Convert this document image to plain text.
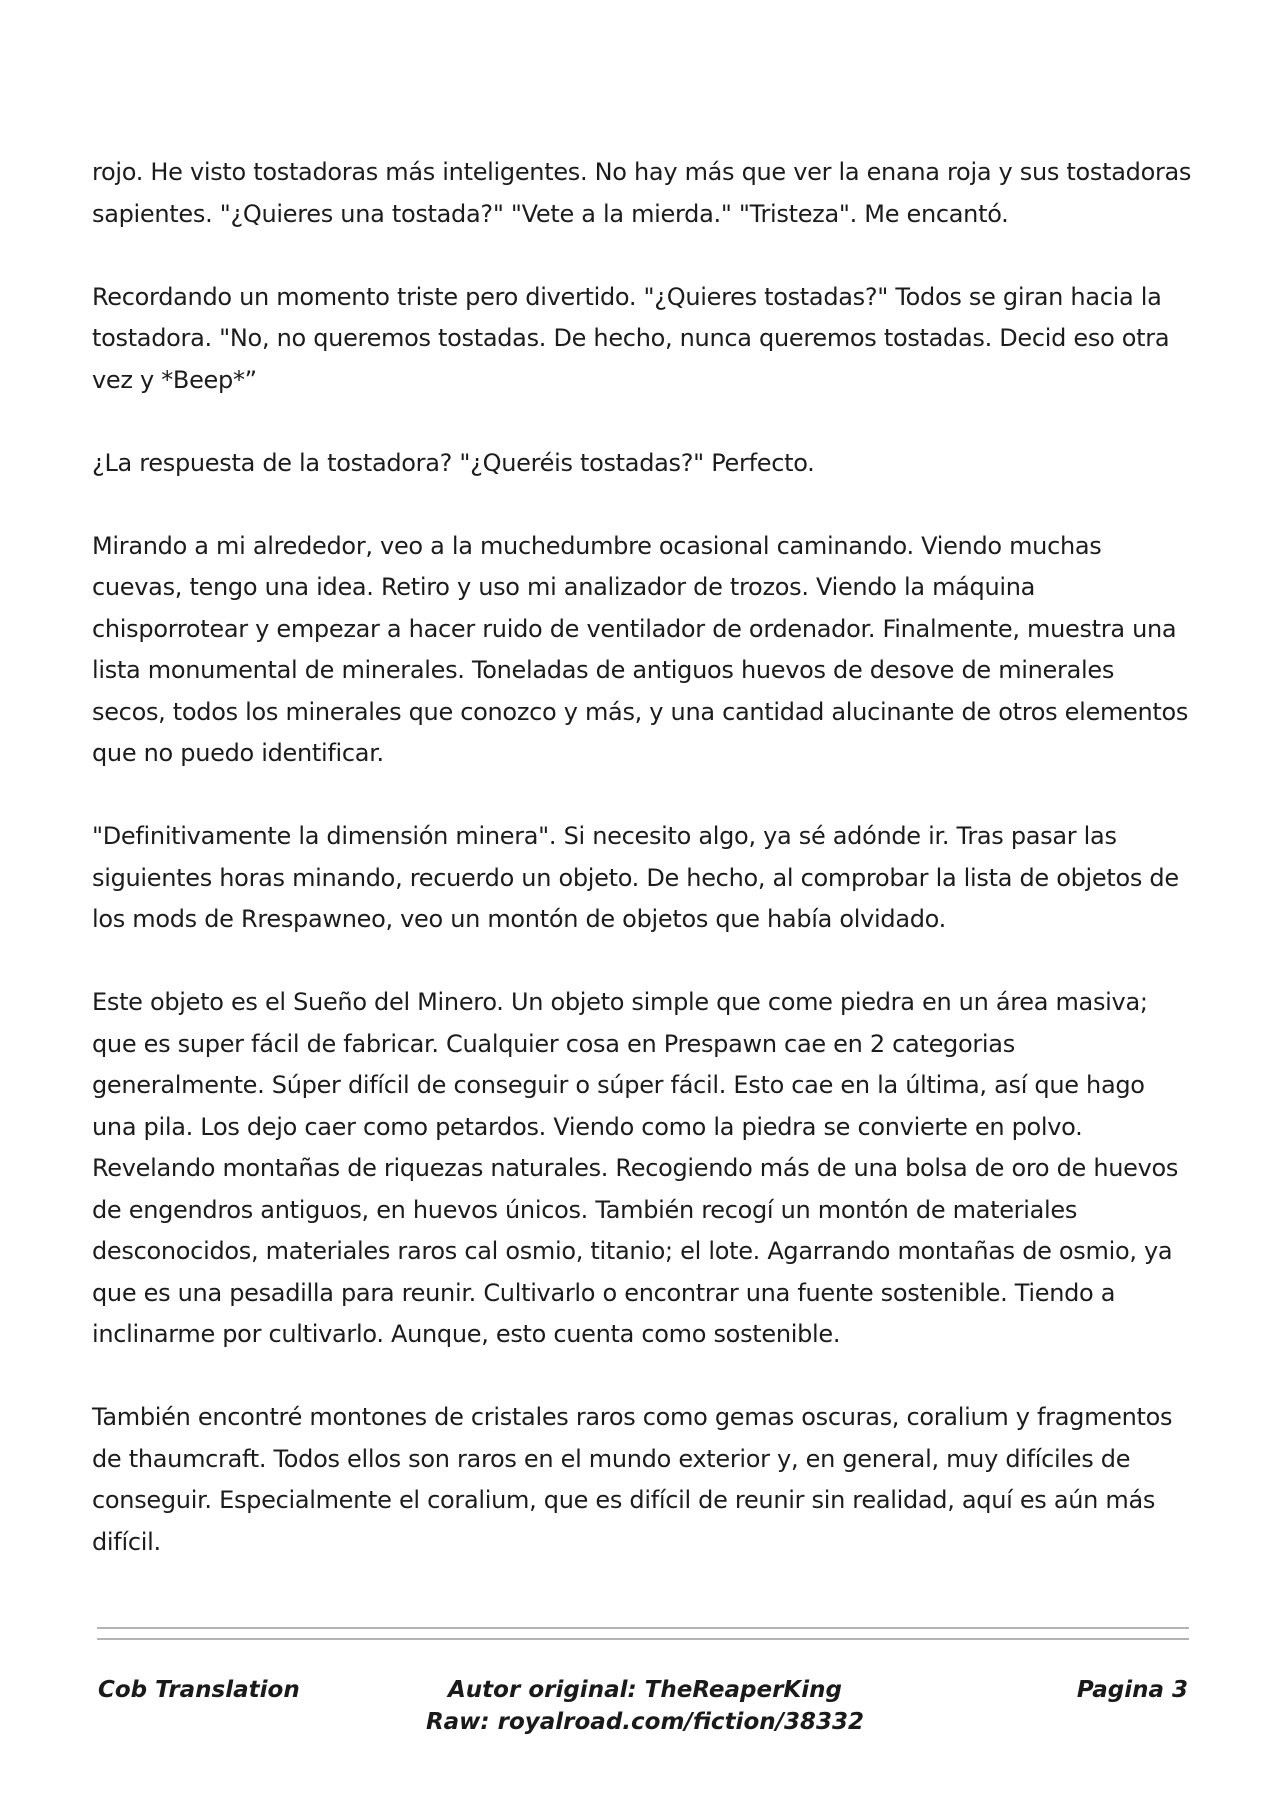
rojo. He visto tostadoras más inteligentes. No hay más que ver la enana roja y sus tostadoras sapientes. "¿Quieres una tostada?" "Vete a la mierda." "Tristeza". Me encantó.

Recordando un momento triste pero divertido. "¿Quieres tostadas?" Todos se giran hacia la tostadora. "No, no queremos tostadas. De hecho, nunca queremos tostadas. Decid eso otra vez y *Beep*”

¿La respuesta de la tostadora? "¿Queréis tostadas?" Perfecto.

Mirando a mi alrededor, veo a la muchedumbre ocasional caminando. Viendo muchas cuevas, tengo una idea. Retiro y uso mi analizador de trozos. Viendo la máquina chisporrotear y empezar a hacer ruido de ventilador de ordenador. Finalmente, muestra una lista monumental de minerales. Toneladas de antiguos huevos de desove de minerales secos, todos los minerales que conozco y más, y una cantidad alucinante de otros elementos que no puedo identificar.

"Definitivamente la dimensión minera". Si necesito algo, ya sé adónde ir. Tras pasar las siguientes horas minando, recuerdo un objeto. De hecho, al comprobar la lista de objetos de los mods de Rrespawneo, veo un montón de objetos que había olvidado.

Este objeto es el Sueño del Minero. Un objeto simple que come piedra en un área masiva; que es super fácil de fabricar. Cualquier cosa en Prespawn cae en 2 categorias generalmente. Súper difícil de conseguir o súper fácil. Esto cae en la última, así que hago una pila. Los dejo caer como petardos. Viendo como la piedra se convierte en polvo. Revelando montañas de riquezas naturales. Recogiendo más de una bolsa de oro de huevos de engendros antiguos, en huevos únicos. También recogí un montón de materiales desconocidos, materiales raros cal osmio, titanio; el lote. Agarrando montañas de osmio, ya que es una pesadilla para reunir. Cultivarlo o encontrar una fuente sostenible. Tiendo a inclinarme por cultivarlo. Aunque, esto cuenta como sostenible.

También encontré montones de cristales raros como gemas oscuras, coralium y fragmentos de thaumcraft. Todos ellos son raros en el mundo exterior y, en general, muy difíciles de conseguir. Especialmente el coralium, que es difícil de reunir sin realidad, aquí es aún más difícil.

Cob Translation	Autor original: TheReaperKing
Raw: royalroad.com/fiction/38332
Pagina 3
